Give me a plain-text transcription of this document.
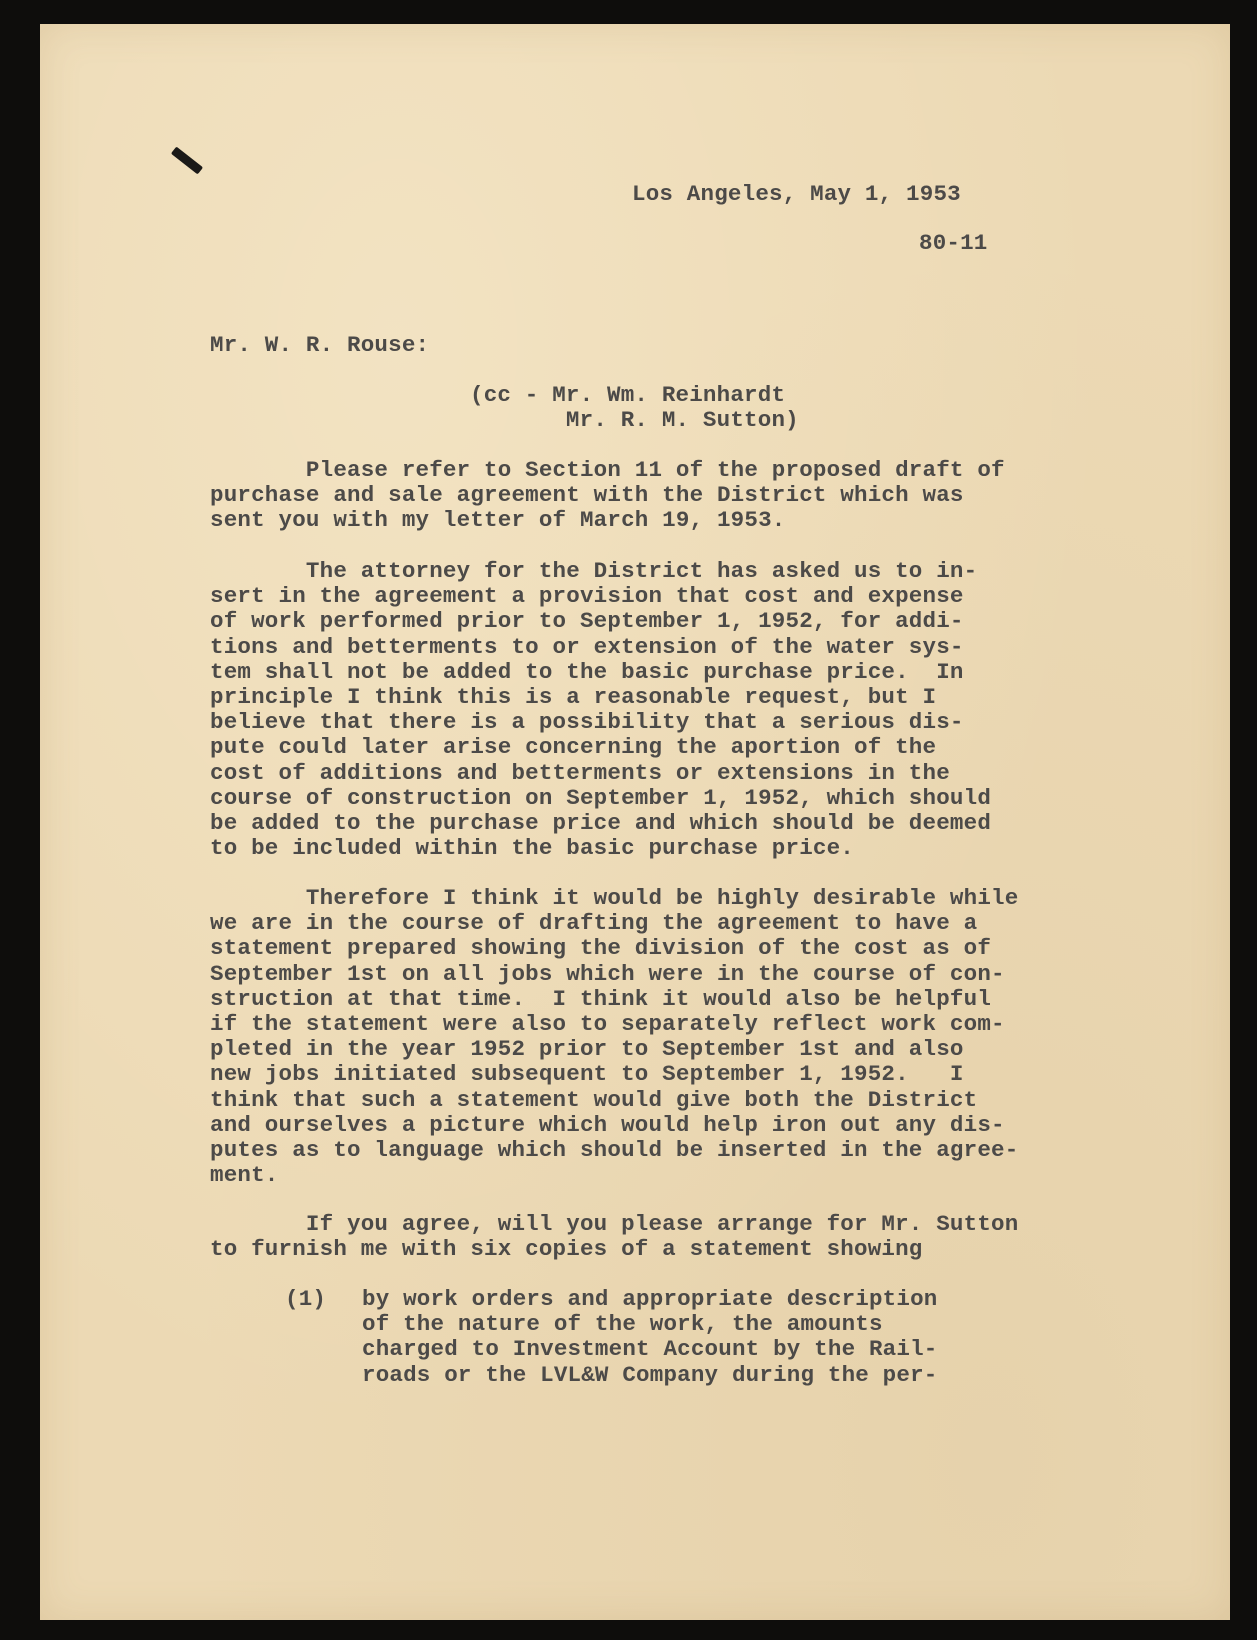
Los Angeles, May 1, 1953
80-11
Mr. W. R. Rouse:
(cc - Mr. Wm. Reinhardt
Mr. R. M. Sutton)
Please refer to Section 11 of the proposed draft of
purchase and sale agreement with the District which was
sent you with my letter of March 19, 1953.
The attorney for the District has asked us to in-
sert in the agreement a provision that cost and expense
of work performed prior to September 1, 1952, for addi-
tions and betterments to or extension of the water sys-
tem shall not be added to the basic purchase price.  In
principle I think this is a reasonable request, but I
believe that there is a possibility that a serious dis-
pute could later arise concerning the aportion of the
cost of additions and betterments or extensions in the
course of construction on September 1, 1952, which should
be added to the purchase price and which should be deemed
to be included within the basic purchase price.
Therefore I think it would be highly desirable while
we are in the course of drafting the agreement to have a
statement prepared showing the division of the cost as of
September 1st on all jobs which were in the course of con-
struction at that time.  I think it would also be helpful
if the statement were also to separately reflect work com-
pleted in the year 1952 prior to September 1st and also
new jobs initiated subsequent to September 1, 1952.   I
think that such a statement would give both the District
and ourselves a picture which would help iron out any dis-
putes as to language which should be inserted in the agree-
ment.
If you agree, will you please arrange for Mr. Sutton
to furnish me with six copies of a statement showing
(1) by work orders and appropriate description
of the nature of the work, the amounts
charged to Investment Account by the Rail-
roads or the LVL&W Company during the per-
